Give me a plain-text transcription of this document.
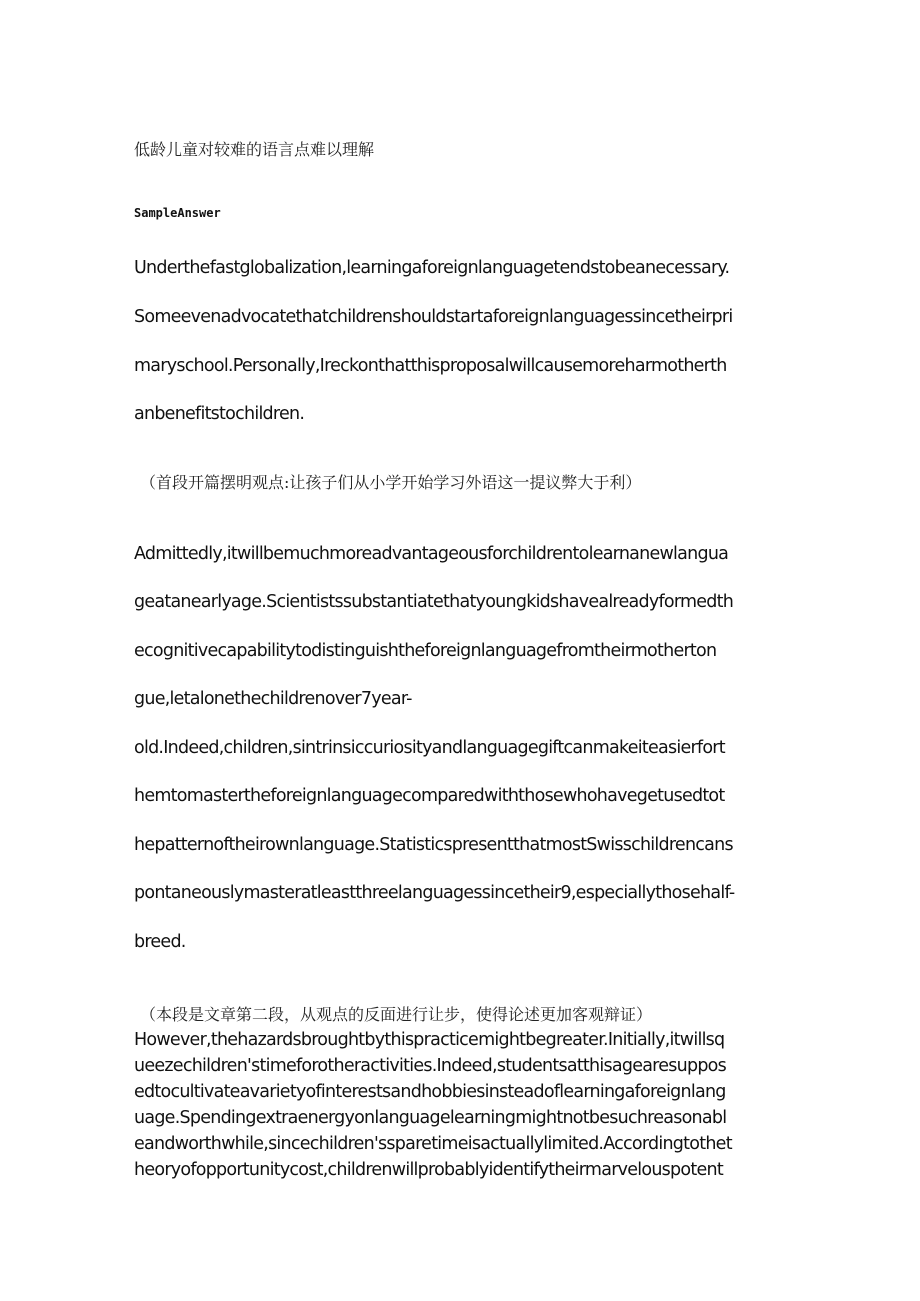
低龄儿童对较难的语言点难以理解

SampleAnswer

Underthefastglobalization,learningaforeignlanguagetendstobeanecessary.

Someevenadvocatethatchildrenshouldstartaforeignlanguagessincetheirpri

maryschool.Personally,Ireckonthatthisproposalwillcausemoreharmotherth

anbenefitstochildren.

（首段开篇摆明观点:让孩子们从小学开始学习外语这一提议弊大于利）

Admittedly,itwillbemuchmoreadvantageousforchildrentolearnanewlangua

geatanearlyage.Scientistssubstantiatethatyoungkidshavealreadyformedth

ecognitivecapabilitytodistinguishtheforeignlanguagefromtheirmotherton

gue,letalonethechildrenover7year-

old.Indeed,children,sintrinsiccuriosityandlanguagegiftcanmakeiteasierfort

hemtomastertheforeignlanguagecomparedwiththosewhohavegetusedtot

hepatternoftheirownlanguage.StatisticspresentthatmostSwisschildrencans

pontaneouslymasteratleastthreelanguagessincetheir9,especiallythosehalf-

breed.

（本段是文章第二段，从观点的反面进行让步，使得论述更加客观辩证）

However,thehazardsbroughtbythispracticemightbegreater.Initially,itwillsq

ueezechildren'stimeforotheractivities.Indeed,studentsatthisagearesuppos

edtocultivateavarietyofinterestsandhobbiesinsteadoflearningaforeignlang

uage.Spendingextraenergyonlanguagelearningmightnotbesuchreasonabl

eandworthwhile,sincechildren'ssparetimeisactuallylimited.Accordingtothet

heoryofopportunitycost,childrenwillprobablyidentifytheirmarvelouspotent
